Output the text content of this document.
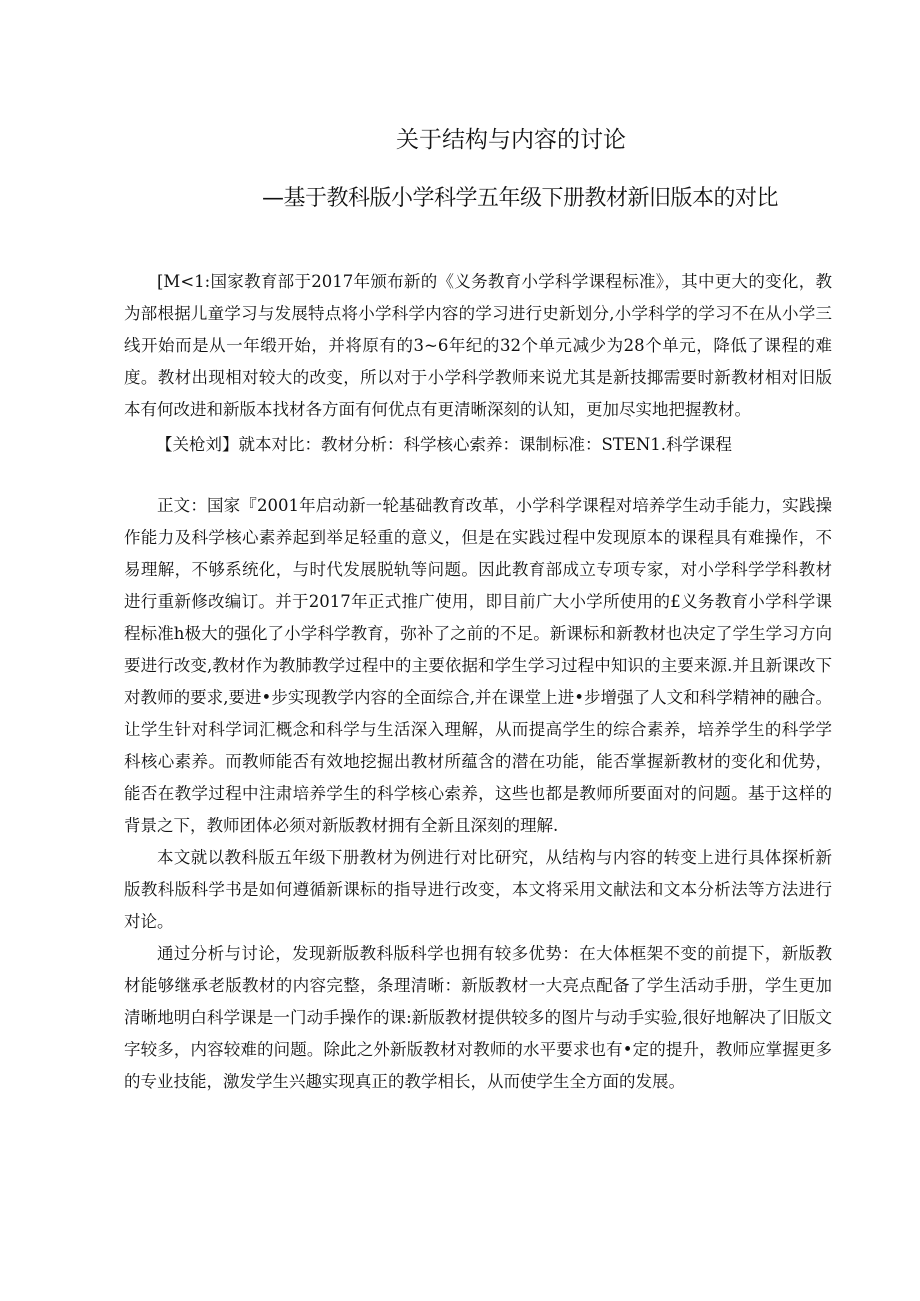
关于结构与内容的讨论
—基于教科版小学科学五年级下册教材新旧版本的对比

[M<1:国家教育部于2017年颁布新的《义务教育小学科学课程标准》，其中更大的变化，教为部根据儿童学习与发展特点将小学科学内容的学习进行史新划分,小学科学的学习不在从小学三线开始而是从一年缎开始，并将原有的3~6年纪的32个单元减少为28个单元，降低了课程的难度。教材出现相对较大的改变，所以对于小学科学教师来说尤其是新技揶需要时新教材相对旧版本有何改进和新版本找材各方面有何优点有更清晰深刻的认知，更加尽实地把握教材。

【关枪刘】就本对比：教材分析：科学核心索养：课制标准：STEN1.科学课程

正文：国家『2001年启动新一轮基础教育改革，小学科学课程对培养学生动手能力，实践操作能力及科学核心素养起到举足轻重的意义，但是在实践过程中发现原本的课程具有难操作，不易理解，不够系统化，与时代发展脱轨等问题。因此教育部成立专项专家，对小学科学学科教材进行重新修改编订。并于2017年正式推广使用，即目前广大小学所使用的£义务教育小学科学课程标准h极大的强化了小学科学教育，弥补了之前的不足。新课标和新教材也决定了学生学习方向要进行改变,教材作为教肺教学过程中的主要依据和学生学习过程中知识的主要来源.并且新课改下对教师的要求,要进•步实现教学内容的全面综合,并在课堂上进•步增强了人文和科学精神的融合。让学生针对科学词汇概念和科学与生活深入理解，从而提高学生的综合素养，培养学生的科学学科核心素养。而教师能否有效地挖掘出教材所蕴含的潜在功能，能否掌握新教材的变化和优势，能否在教学过程中注肃培养学生的科学核心索养，这些也都是教师所要面对的问题。基于这样的背景之下，教师团体必须对新版教材拥有全新且深刻的理解.

本文就以教科版五年级下册教材为例进行对比研究，从结构与内容的转变上进行具体探析新版教科版科学书是如何遵循新课标的指导进行改变，本文将采用文献法和文本分析法等方法进行对论。

通过分析与讨论，发现新版教科版科学也拥有较多优势：在大体框架不变的前提下，新版教材能够继承老版教材的内容完整，条理清晰：新版教材一大亮点配备了学生活动手册，学生更加清晰地明白科学课是一门动手操作的课:新版教材提供较多的图片与动手实验,很好地解决了旧版文字较多，内容较难的问题。除此之外新版教材对教师的水平要求也有•定的提升，教师应掌握更多的专业技能，激发学生兴趣实现真正的教学相长，从而使学生全方面的发展。
